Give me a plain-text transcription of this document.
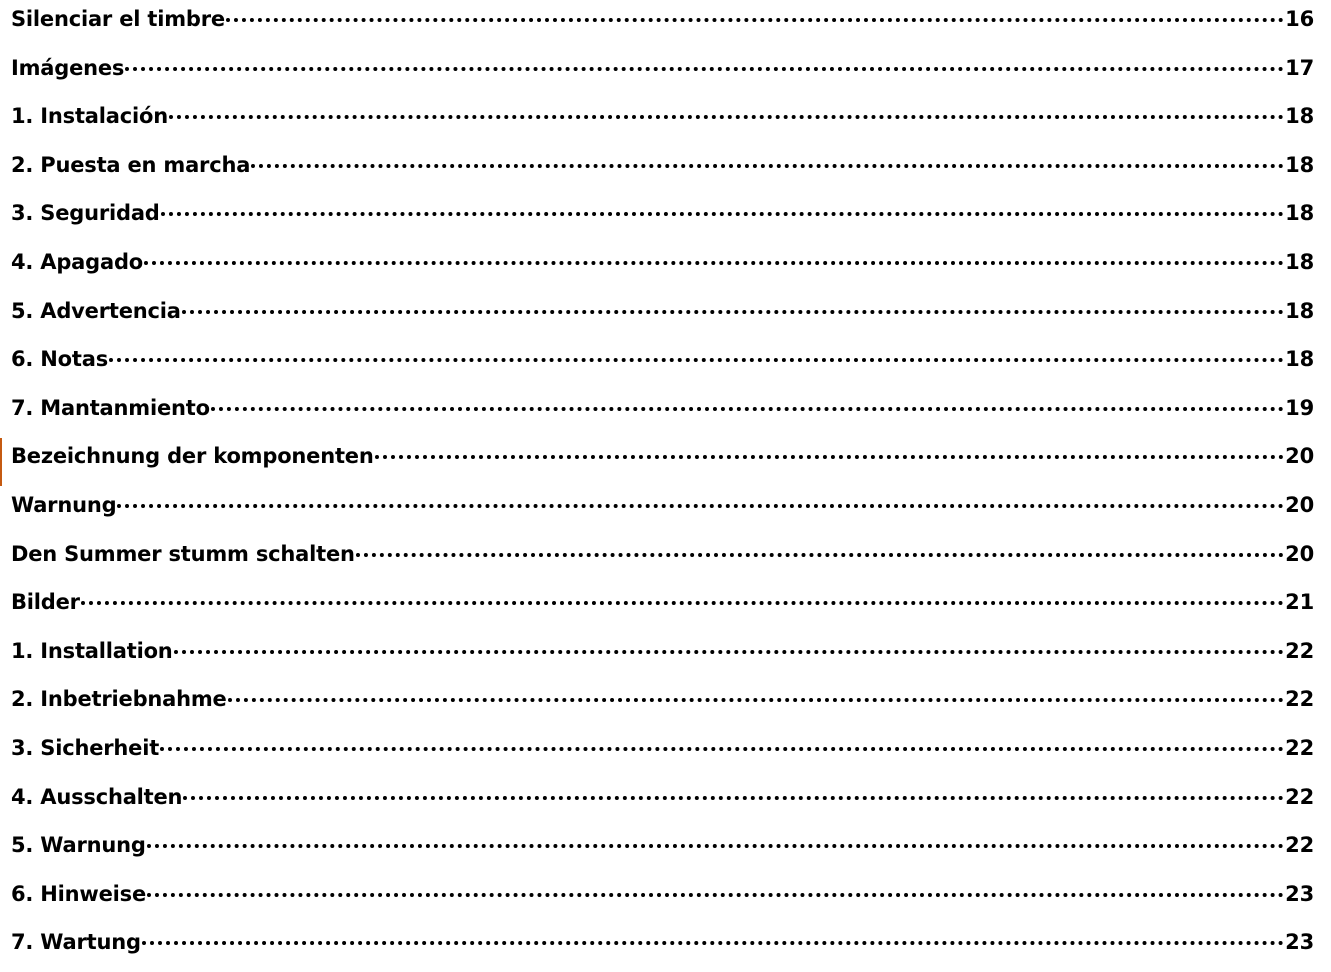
Silenciar el timbre	16
Imágenes	17
1. Instalación	18
2. Puesta en marcha	18
3. Seguridad	18
4. Apagado	18
5. Advertencia	18
6. Notas	18
7. Mantanmiento	19
Bezeichnung der komponenten	20
Warnung	20
Den Summer stumm schalten	20
Bilder	21
1. Installation	22
2. Inbetriebnahme	22
3. Sicherheit	22
4. Ausschalten	22
5. Warnung	22
6. Hinweise	23
7. Wartung	23
